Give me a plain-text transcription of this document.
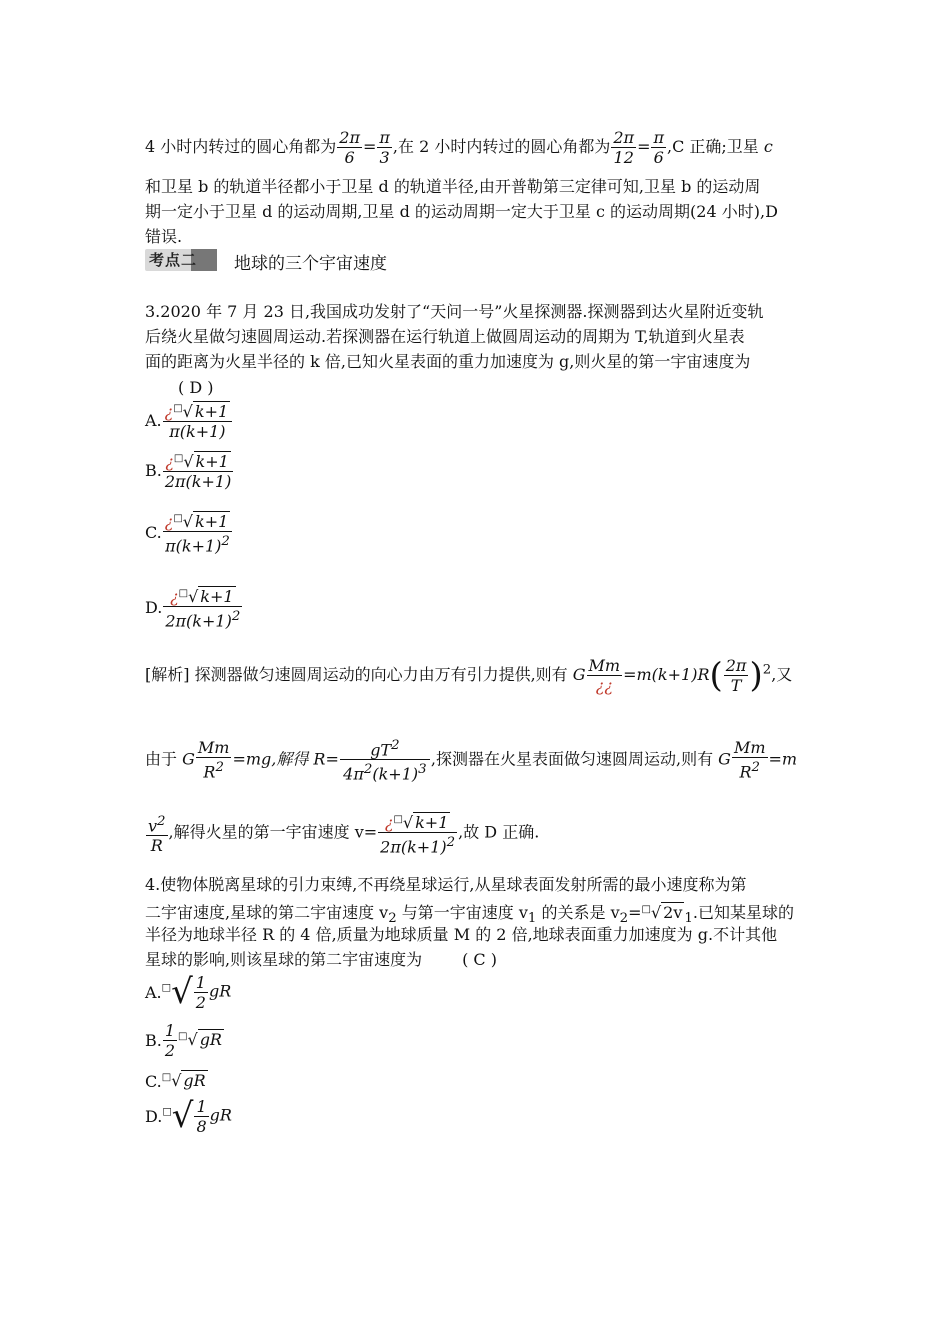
4 小时内转过的圆心角都为 $\frac{2\pi}{6} = \frac{\pi}{3}$ ,在 2 小时内转过的圆心角都为 $\frac{2\pi}{12} = \frac{\pi}{6} ,C$ 正确;卫星 c
和卫星 b 的轨道半径都小于卫星 d 的轨道半径,由开普勒第三定律可知,卫星 b 的运动周
期一定小于卫星 d 的运动周期,卫星 d 的运动周期一定大于卫星 c 的运动周期(24 小时),D
错误.
考点二 地球的三个宇宙速度
3.2020 年 7 月 23 日,我国成功发射了“天问一号”火星探测器.探测器到达火星附近变轨
后绕火星做匀速圆周运动.若探测器在运行轨道上做圆周运动的周期为 T,轨道到火星表
面的距离为火星半径的 k 倍,已知火星表面的重力加速度为 g,则火星的第一宇宙速度为
( D )
A. $\frac{¿^□√ k+1}{\pi(k+1)}$
B. $\frac{¿^□√ k+1}{2\pi(k+1)}$
C. $\frac{¿^□√ k+1}{\pi(k+1)^2}$
D. $\frac{¿^□√ k+1}{2\pi(k+1)^2}$
[解析] 探测器做匀速圆周运动的向心力由万有引力提供,则有 G $\frac{Mm}{¿¿} =m(k+1)R( \frac{2\pi}{T} )^2$,又
由于 G $\frac{Mm}{R^2} =mg$,解得 $R= \frac{gT^2}{4\pi^2(k+1)^3}$ ,探测器在火星表面做匀速圆周运动,则有 G $\frac{Mm}{R^2} =m$
$\frac{v^2}{R}$ ,解得火星的第一宇宙速度 $v= \frac{¿^□√ k+1}{2\pi(k+1)^2}$ ,故 D 正确.
4.使物体脱离星球的引力束缚,不再绕星球运行,从星球表面发射所需的最小速度称为第
二宇宙速度,星球的第二宇宙速度 $v_2$ 与第一宇宙速度 $v_1$ 的关系是 $v_2=^□√$ 2v $_1$.已知某星球的
半径为地球半径 R 的 4 倍,质量为地球质量 M 的 2 倍,地球表面重力加速度为 g.不计其他
星球的影响,则该星球的第二宇宙速度为	( C )
$A.^□√ \frac{1}{2}$ gR
B. $\frac{1}{2} ^□√$ gR
C.□√ gR
$D.^□√ \frac{1}{8}$ gR
